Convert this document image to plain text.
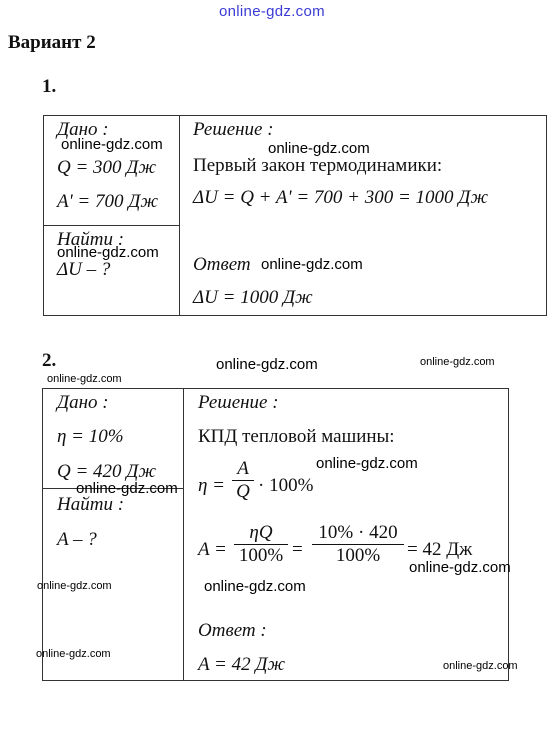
online-gdz.com
Вариант 2
1.
Дано :
Q = 300 Дж
A' = 700 Дж
Найти :
ΔU – ?
Решение :
Первый закон термодинамики:
ΔU = Q + A' = 700 + 300 = 1000 Дж
Ответ
ΔU = 1000 Дж
online-gdz.com	online-gdz.com
online-gdz.com
online-gdz.com
2.	online-gdz.com	online-gdz.com
online-gdz.com
Дано :
η = 10%
Q = 420 Дж
Найти :
A – ?
Решение :
КПД тепловой машины:
η =
A
Q · 100%
A =
ηQ
100% =
10% · 420
100% = 42 Дж
Ответ :
A = 42 Дж
online-gdz.com
online-gdz.com
online-gdz.com
online-gdz.com	online-gdz.com
online-gdz.com
online-gdz.com
